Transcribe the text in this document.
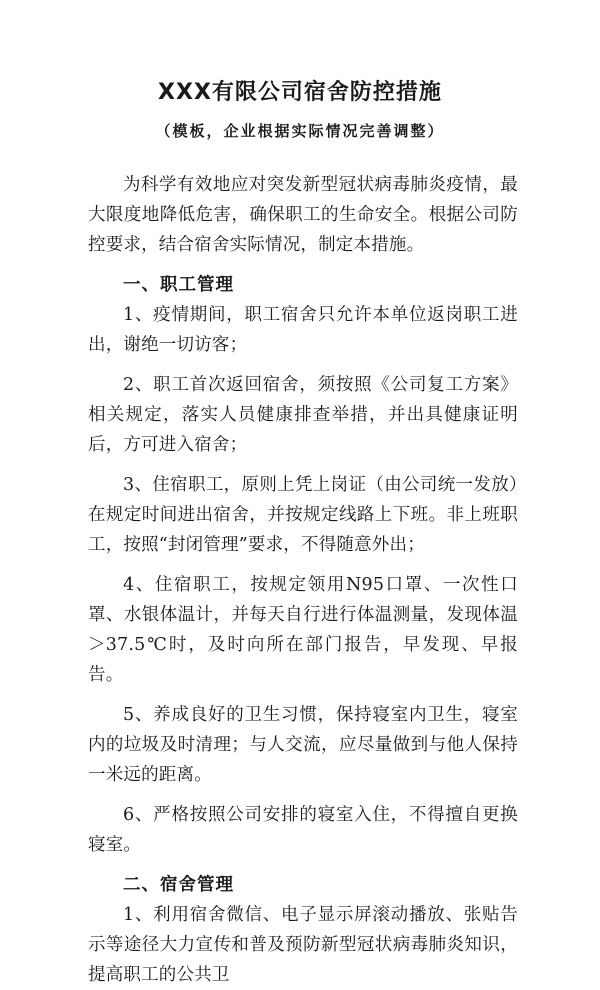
XXX有限公司宿舍防控措施
（模板，企业根据实际情况完善调整）

为科学有效地应对突发新型冠状病毒肺炎疫情，最大限度地降低危害，确保职工的生命安全。根据公司防控要求，结合宿舍实际情况，制定本措施。

一、职工管理

1、疫情期间，职工宿舍只允许本单位返岗职工进出，谢绝一切访客；

2、职工首次返回宿舍，须按照《公司复工方案》相关规定，落实人员健康排查举措，并出具健康证明后，方可进入宿舍；

3、住宿职工，原则上凭上岗证（由公司统一发放）在规定时间进出宿舍，并按规定线路上下班。非上班职工，按照“封闭管理”要求，不得随意外出；

4、住宿职工，按规定领用N95口罩、一次性口罩、水银体温计，并每天自行进行体温测量，发现体温＞37.5℃时，及时向所在部门报告，早发现、早报告。

5、养成良好的卫生习惯，保持寝室内卫生，寝室内的垃圾及时清理；与人交流，应尽量做到与他人保持一米远的距离。

6、严格按照公司安排的寝室入住，不得擅自更换寝室。

二、宿舍管理

1、利用宿舍微信、电子显示屏滚动播放、张贴告示等途径大力宣传和普及预防新型冠状病毒肺炎知识，提高职工的公共卫
